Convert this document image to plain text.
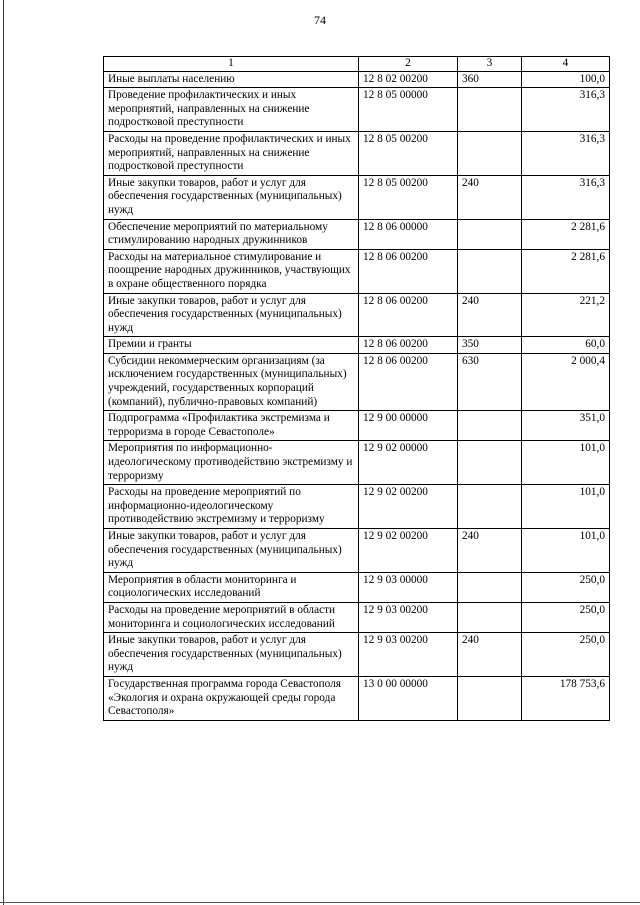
74
1	2	3	4
Иные выплаты населению	12 8 02 00200	360	100,0
Проведение профилактических и иных мероприятий, направленных на снижение подростковой преступности	12 8 05 00000		316,3
Расходы на проведение профилактических и иных мероприятий, направленных на снижение подростковой преступности	12 8 05 00200		316,3
Иные закупки товаров, работ и услуг для обеспечения государственных (муниципальных) нужд	12 8 05 00200	240	316,3
Обеспечение мероприятий по материальному стимулированию народных дружинников	12 8 06 00000		2 281,6
Расходы на материальное стимулирование и поощрение народных дружинников, участвующих в охране общественного порядка	12 8 06 00200		2 281,6
Иные закупки товаров, работ и услуг для обеспечения государственных (муниципальных) нужд	12 8 06 00200	240	221,2
Премии и гранты	12 8 06 00200	350	60,0
Субсидии некоммерческим организациям (за исключением государственных (муниципальных) учреждений, государственных корпораций (компаний), публично-правовых компаний)	12 8 06 00200	630	2 000,4
Подпрограмма «Профилактика экстремизма и терроризма в городе Севастополе»	12 9 00 00000		351,0
Мероприятия по информационно-идеологическому противодействию экстремизму и терроризму	12 9 02 00000		101,0
Расходы на проведение мероприятий по информационно-идеологическому противодействию экстремизму и терроризму	12 9 02 00200		101,0
Иные закупки товаров, работ и услуг для обеспечения государственных (муниципальных) нужд	12 9 02 00200	240	101,0
Мероприятия в области мониторинга и социологических исследований	12 9 03 00000		250,0
Расходы на проведение мероприятий в области мониторинга и социологических исследований	12 9 03 00200		250,0
Иные закупки товаров, работ и услуг для обеспечения государственных (муниципальных) нужд	12 9 03 00200	240	250,0
Государственная программа города Севастополя «Экология и охрана окружающей среды города Севастополя»	13 0 00 00000		178 753,6
